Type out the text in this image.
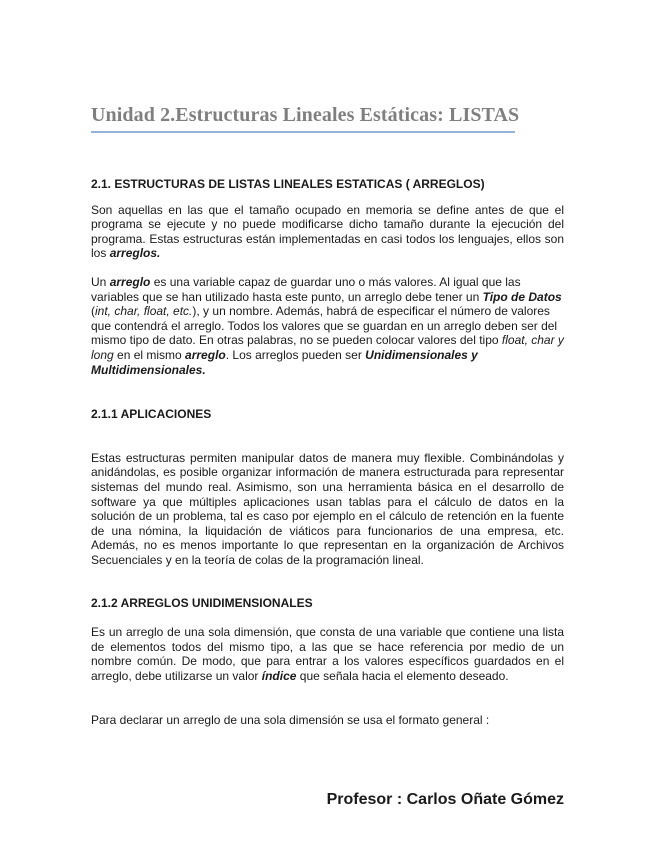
Unidad 2.Estructuras Lineales Estáticas: LISTAS
2.1. ESTRUCTURAS DE LISTAS LINEALES ESTATICAS ( ARREGLOS)

Son aquellas en las que el tamaño ocupado en memoria se define antes de que el programa se ejecute y no puede modificarse dicho tamaño durante la ejecución del programa. Estas estructuras están implementadas en casi todos los lenguajes, ellos son los arreglos.

Un arreglo es una variable capaz de guardar uno o más valores. Al igual que las variables que se han utilizado hasta este punto, un arreglo debe tener un Tipo de Datos (int, char, float, etc.), y un nombre. Además, habrá de especificar el número de valores que contendrá el arreglo. Todos los valores que se guardan en un arreglo deben ser del mismo tipo de dato. En otras palabras, no se pueden colocar valores del tipo float, char y long en el mismo arreglo. Los arreglos pueden ser Unidimensionales y Multidimensionales.

2.1.1 APLICACIONES

Estas estructuras permiten manipular datos de manera muy flexible. Combinándolas y anidándolas, es posible organizar información de manera estructurada para representar sistemas del mundo real. Asimismo, son una herramienta básica en el desarrollo de software ya que múltiples aplicaciones usan tablas para el cálculo de datos en la solución de un problema, tal es caso por ejemplo en el cálculo de retención en la fuente de una nómina, la liquidación de viáticos para funcionarios de una empresa, etc. Además, no es menos importante lo que representan en la organización de Archivos Secuenciales y en la teoría de colas de la programación lineal.

2.1.2 ARREGLOS UNIDIMENSIONALES

Es un arreglo de una sola dimensión, que consta de una variable que contiene una lista de elementos todos del mismo tipo, a las que se hace referencia por medio de un nombre común. De modo, que para entrar a los valores específicos guardados en el arreglo, debe utilizarse un valor índice que señala hacia el elemento deseado.

Para declarar un arreglo de una sola dimensión se usa el formato general :

Profesor : Carlos Oñate Gómez
